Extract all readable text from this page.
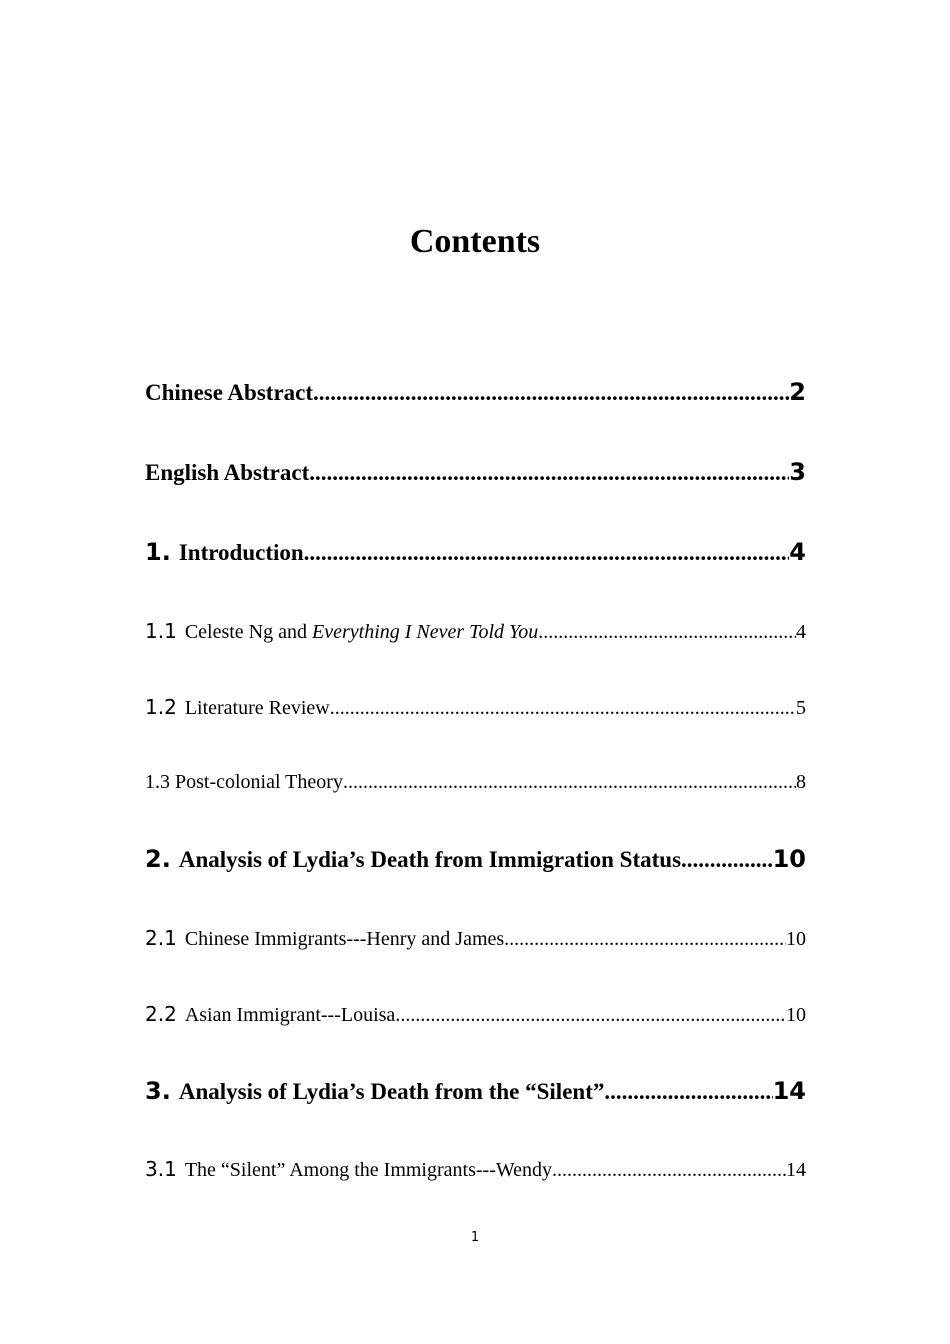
Contents
Chinese Abstract .....	2
English Abstract .....	3
1. Introduction .....	4
1.1 Celeste Ng and Everything I Never Told You .....	4
1.2 Literature Review .....	5
1.3 Post-colonial Theory .....	8
2. Analysis of Lydia’s Death from Immigration Status .....	10
2.1 Chinese Immigrants---Henry and James .....	10
2.2 Asian Immigrant---Louisa .....	10
3. Analysis of Lydia’s Death from the “Silent” .....	14
3.1 The “Silent” Among the Immigrants---Wendy .....	14
1
